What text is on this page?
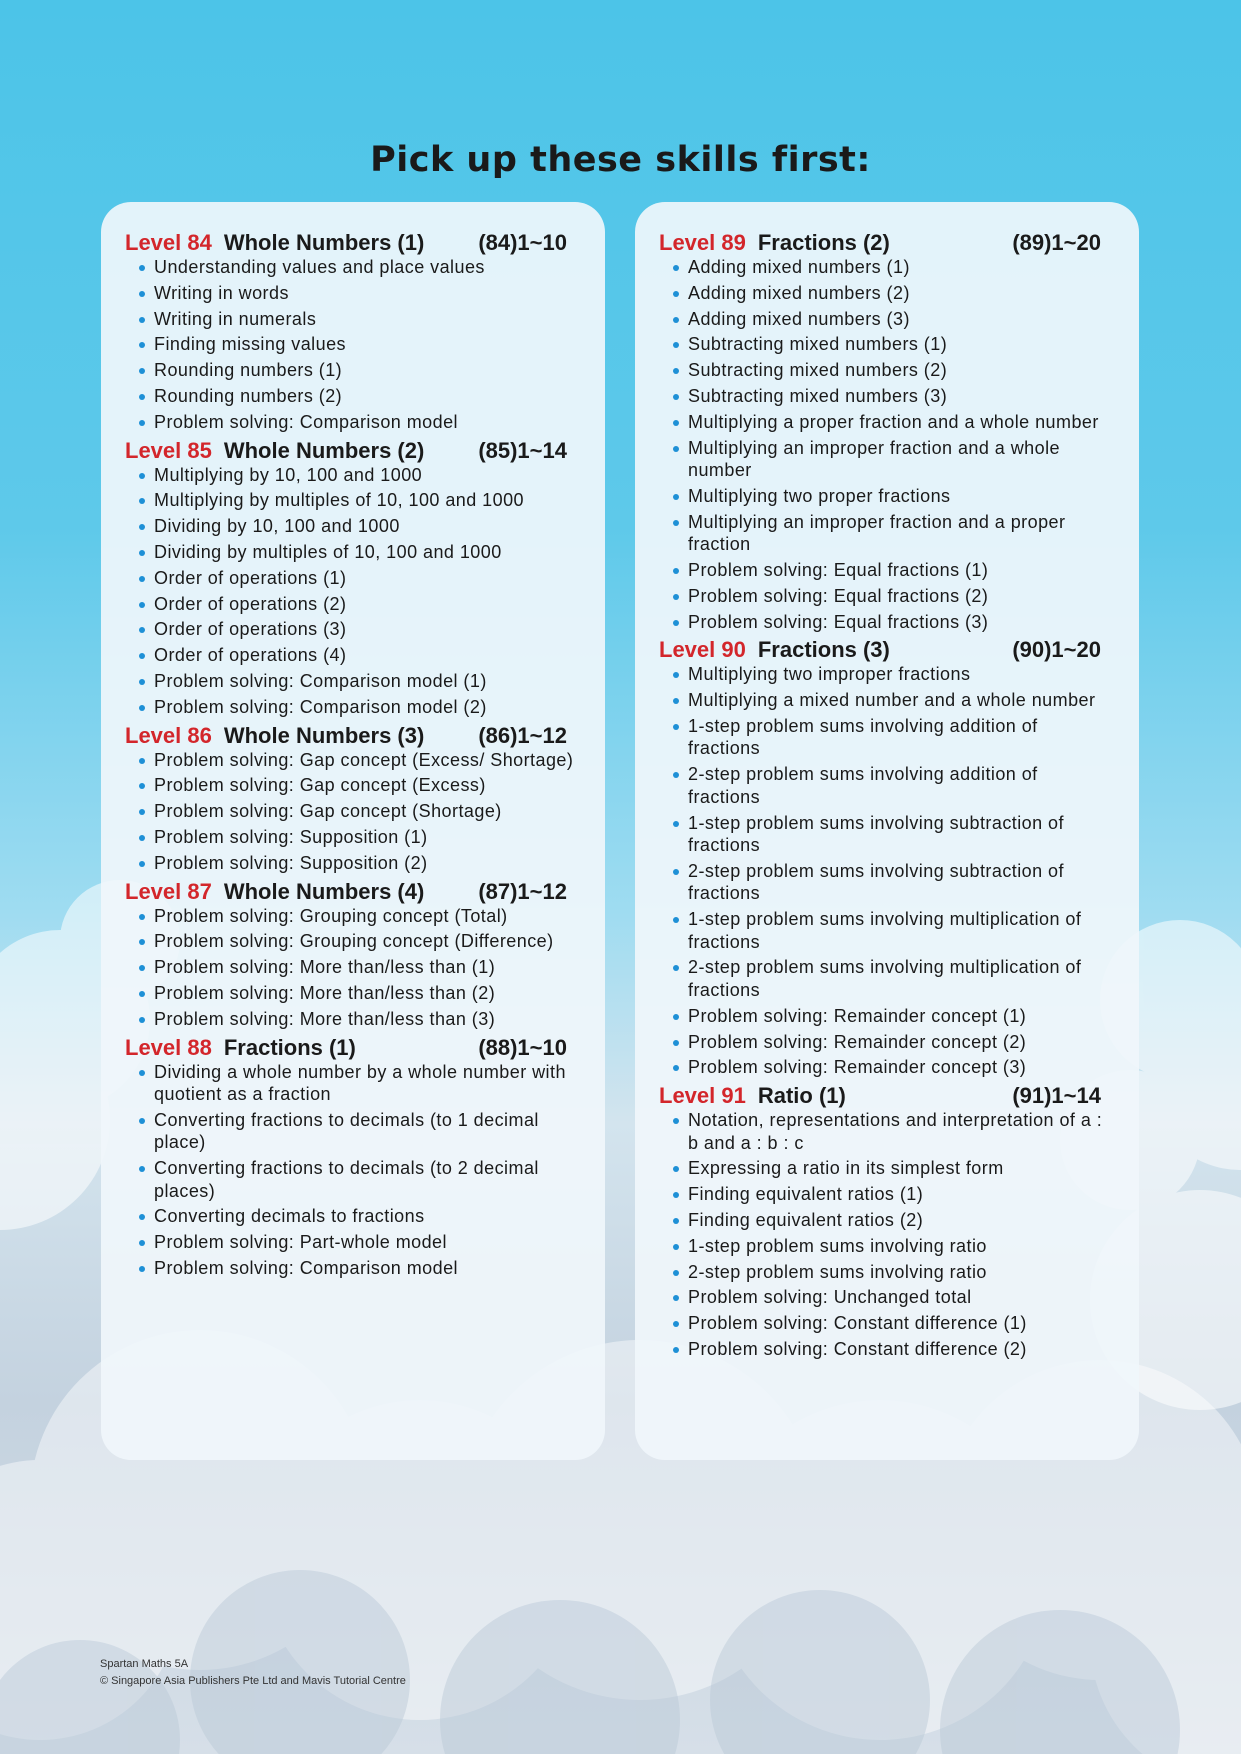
Pick up these skills first:
Level 84 Whole Numbers (1) (84)1~10
Understanding values and place values
Writing in words
Writing in numerals
Finding missing values
Rounding numbers (1)
Rounding numbers (2)
Problem solving: Comparison model
Level 85 Whole Numbers (2) (85)1~14
Multiplying by 10, 100 and 1000
Multiplying by multiples of 10, 100 and 1000
Dividing by 10, 100 and 1000
Dividing by multiples of 10, 100 and 1000
Order of operations (1)
Order of operations (2)
Order of operations (3)
Order of operations (4)
Problem solving: Comparison model (1)
Problem solving: Comparison model (2)
Level 86 Whole Numbers (3) (86)1~12
Problem solving: Gap concept (Excess/ Shortage)
Problem solving: Gap concept (Excess)
Problem solving: Gap concept (Shortage)
Problem solving: Supposition (1)
Problem solving: Supposition (2)
Level 87 Whole Numbers (4) (87)1~12
Problem solving: Grouping concept (Total)
Problem solving: Grouping concept (Difference)
Problem solving: More than/less than (1)
Problem solving: More than/less than (2)
Problem solving: More than/less than (3)
Level 88 Fractions (1)	(88)1~10
Dividing a whole number by a whole number with quotient as a fraction
Converting fractions to decimals (to 1 decimal place)
Converting fractions to decimals (to 2 decimal places)
Converting decimals to fractions
Problem solving: Part-whole model
Problem solving: Comparison model
Level 89 Fractions (2)	(89)1~20
Adding mixed numbers (1)
Adding mixed numbers (2)
Adding mixed numbers (3)
Subtracting mixed numbers (1)
Subtracting mixed numbers (2)
Subtracting mixed numbers (3)
Multiplying a proper fraction and a whole number
Multiplying an improper fraction and a whole number
Multiplying two proper fractions
Multiplying an improper fraction and a proper fraction
Problem solving: Equal fractions (1)
Problem solving: Equal fractions (2)
Problem solving: Equal fractions (3)
Level 90 Fractions (3)	(90)1~20
Multiplying two improper fractions
Multiplying a mixed number and a whole number
1-step problem sums involving addition of fractions
2-step problem sums involving addition of fractions
1-step problem sums involving subtraction of fractions
2-step problem sums involving subtraction of fractions
1-step problem sums involving multiplication of fractions
2-step problem sums involving multiplication of fractions
Problem solving: Remainder concept (1)
Problem solving: Remainder concept (2)
Problem solving: Remainder concept (3)
Level 91 Ratio (1)	(91)1~14
Notation, representations and interpretation of a : b and a : b : c
Expressing a ratio in its simplest form
Finding equivalent ratios (1)
Finding equivalent ratios (2)
1-step problem sums involving ratio
2-step problem sums involving ratio
Problem solving: Unchanged total
Problem solving: Constant difference (1)
Problem solving: Constant difference (2)
Spartan Maths 5A
© Singapore Asia Publishers Pte Ltd and Mavis Tutorial Centre
